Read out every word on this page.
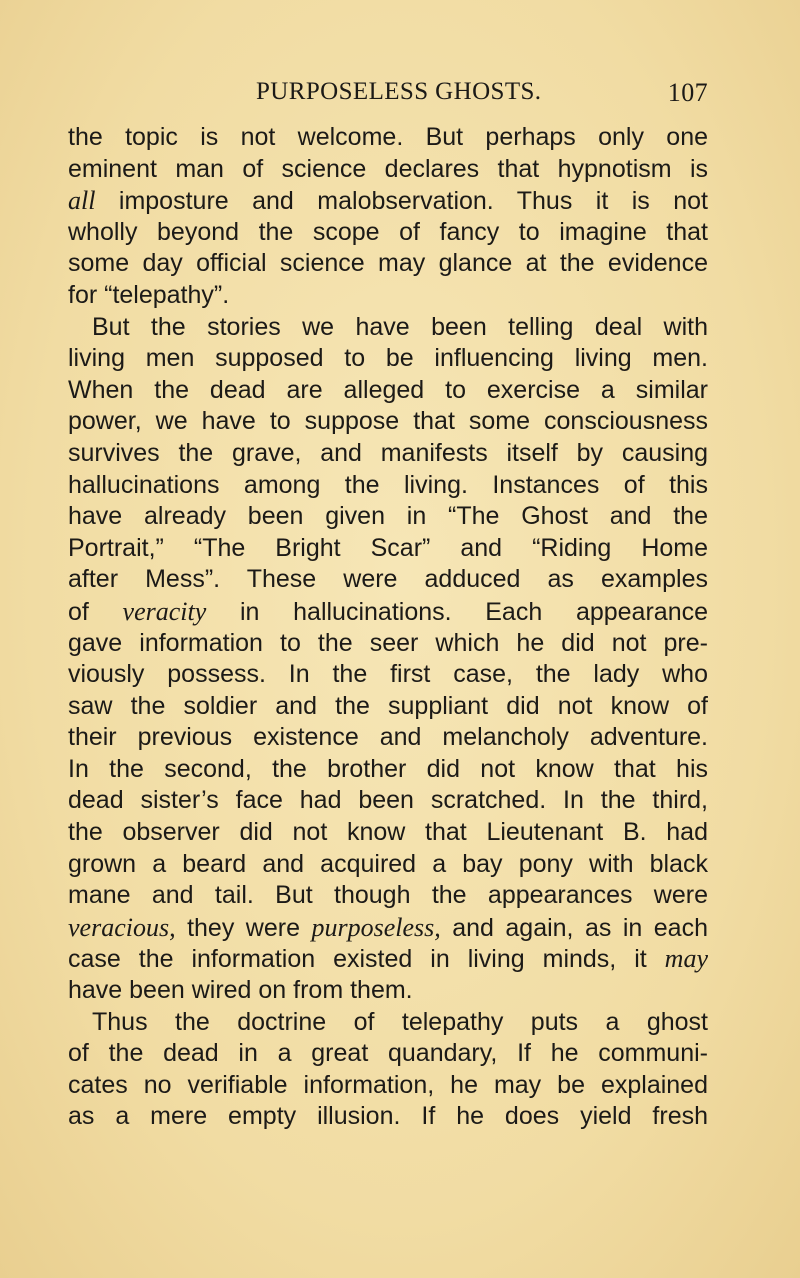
PURPOSELESS GHOSTS.	107
the topic is not welcome. But perhaps only one
eminent man of science declares that hypnotism is
all imposture and malobservation. Thus it is not
wholly beyond the scope of fancy to imagine that
some day official science may glance at the evidence
for “telepathy”.
But the stories we have been telling deal with
living men supposed to be influencing living men.
When the dead are alleged to exercise a similar
power, we have to suppose that some consciousness
survives the grave, and manifests itself by causing
hallucinations among the living. Instances of this
have already been given in “The Ghost and the
Portrait,” “The Bright Scar” and “Riding Home
after Mess”. These were adduced as examples
of veracity in hallucinations. Each appearance
gave information to the seer which he did not pre-
viously possess. In the first case, the lady who
saw the soldier and the suppliant did not know of
their previous existence and melancholy adventure.
In the second, the brother did not know that his
dead sister’s face had been scratched. In the third,
the observer did not know that Lieutenant B. had
grown a beard and acquired a bay pony with black
mane and tail. But though the appearances were
veracious, they were purposeless, and again, as in each
case the information existed in living minds, it may
have been wired on from them.
Thus the doctrine of telepathy puts a ghost
of the dead in a great quandary, If he communi-
cates no verifiable information, he may be explained
as a mere empty illusion. If he does yield fresh
